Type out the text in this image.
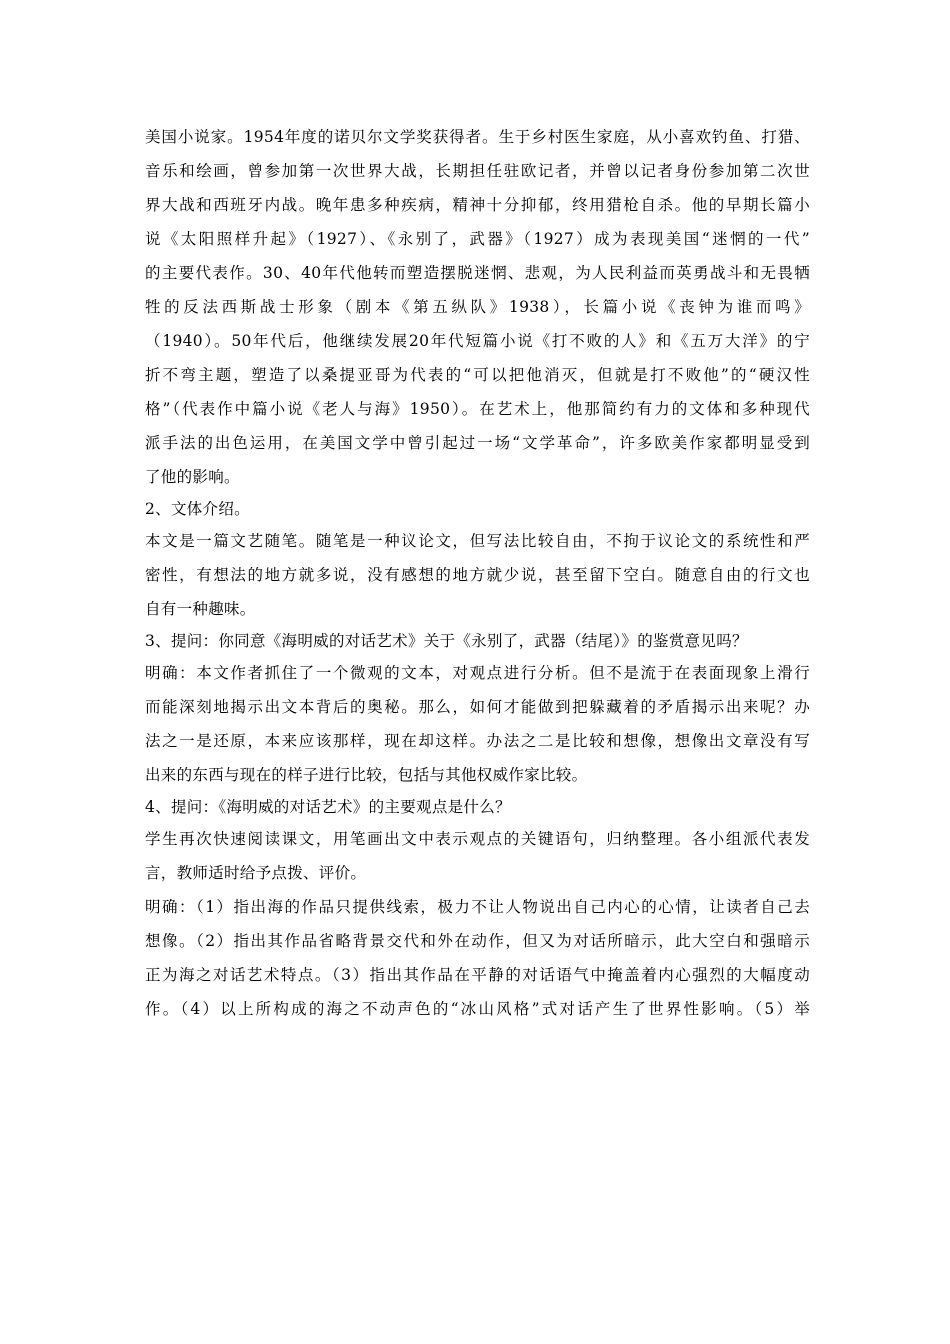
美国小说家。1954年度的诺贝尔文学奖获得者。生于乡村医生家庭，从小喜欢钓鱼、打猎、
音乐和绘画，曾参加第一次世界大战，长期担任驻欧记者，并曾以记者身份参加第二次世
界大战和西班牙内战。晚年患多种疾病，精神十分抑郁，终用猎枪自杀。他的早期长篇小
说《太阳照样升起》（1927）、《永别了，武器》（1927）成为表现美国“迷惘的一代”
的主要代表作。30、40年代他转而塑造摆脱迷惘、悲观，为人民利益而英勇战斗和无畏牺
牲的反法西斯战士形象（剧本《第五纵队》1938），长篇小说《丧钟为谁而鸣》
（1940）。50年代后，他继续发展20年代短篇小说《打不败的人》和《五万大洋》的宁
折不弯主题，塑造了以桑提亚哥为代表的“可以把他消灭，但就是打不败他”的“硬汉性
格”（代表作中篇小说《老人与海》1950）。在艺术上，他那简约有力的文体和多种现代
派手法的出色运用，在美国文学中曾引起过一场“文学革命”，许多欧美作家都明显受到
了他的影响。
2、文体介绍。
本文是一篇文艺随笔。随笔是一种议论文，但写法比较自由，不拘于议论文的系统性和严
密性，有想法的地方就多说，没有感想的地方就少说，甚至留下空白。随意自由的行文也
自有一种趣味。
3、提问：你同意《海明威的对话艺术》关于《永别了，武器（结尾）》的鉴赏意见吗？
明确：本文作者抓住了一个微观的文本，对观点进行分析。但不是流于在表面现象上滑行
而能深刻地揭示出文本背后的奥秘。那么，如何才能做到把躲藏着的矛盾揭示出来呢？办
法之一是还原，本来应该那样，现在却这样。办法之二是比较和想像，想像出文章没有写
出来的东西与现在的样子进行比较，包括与其他权威作家比较。
4、提问：《海明威的对话艺术》的主要观点是什么？
学生再次快速阅读课文，用笔画出文中表示观点的关键语句，归纳整理。各小组派代表发
言，教师适时给予点拨、评价。
明确：（1）指出海的作品只提供线索，极力不让人物说出自己内心的心情，让读者自己去
想像。（2）指出其作品省略背景交代和外在动作，但又为对话所暗示，此大空白和强暗示
正为海之对话艺术特点。（3）指出其作品在平静的对话语气中掩盖着内心强烈的大幅度动
作。（4）以上所构成的海之不动声色的“冰山风格”式对话产生了世界性影响。（5）举
